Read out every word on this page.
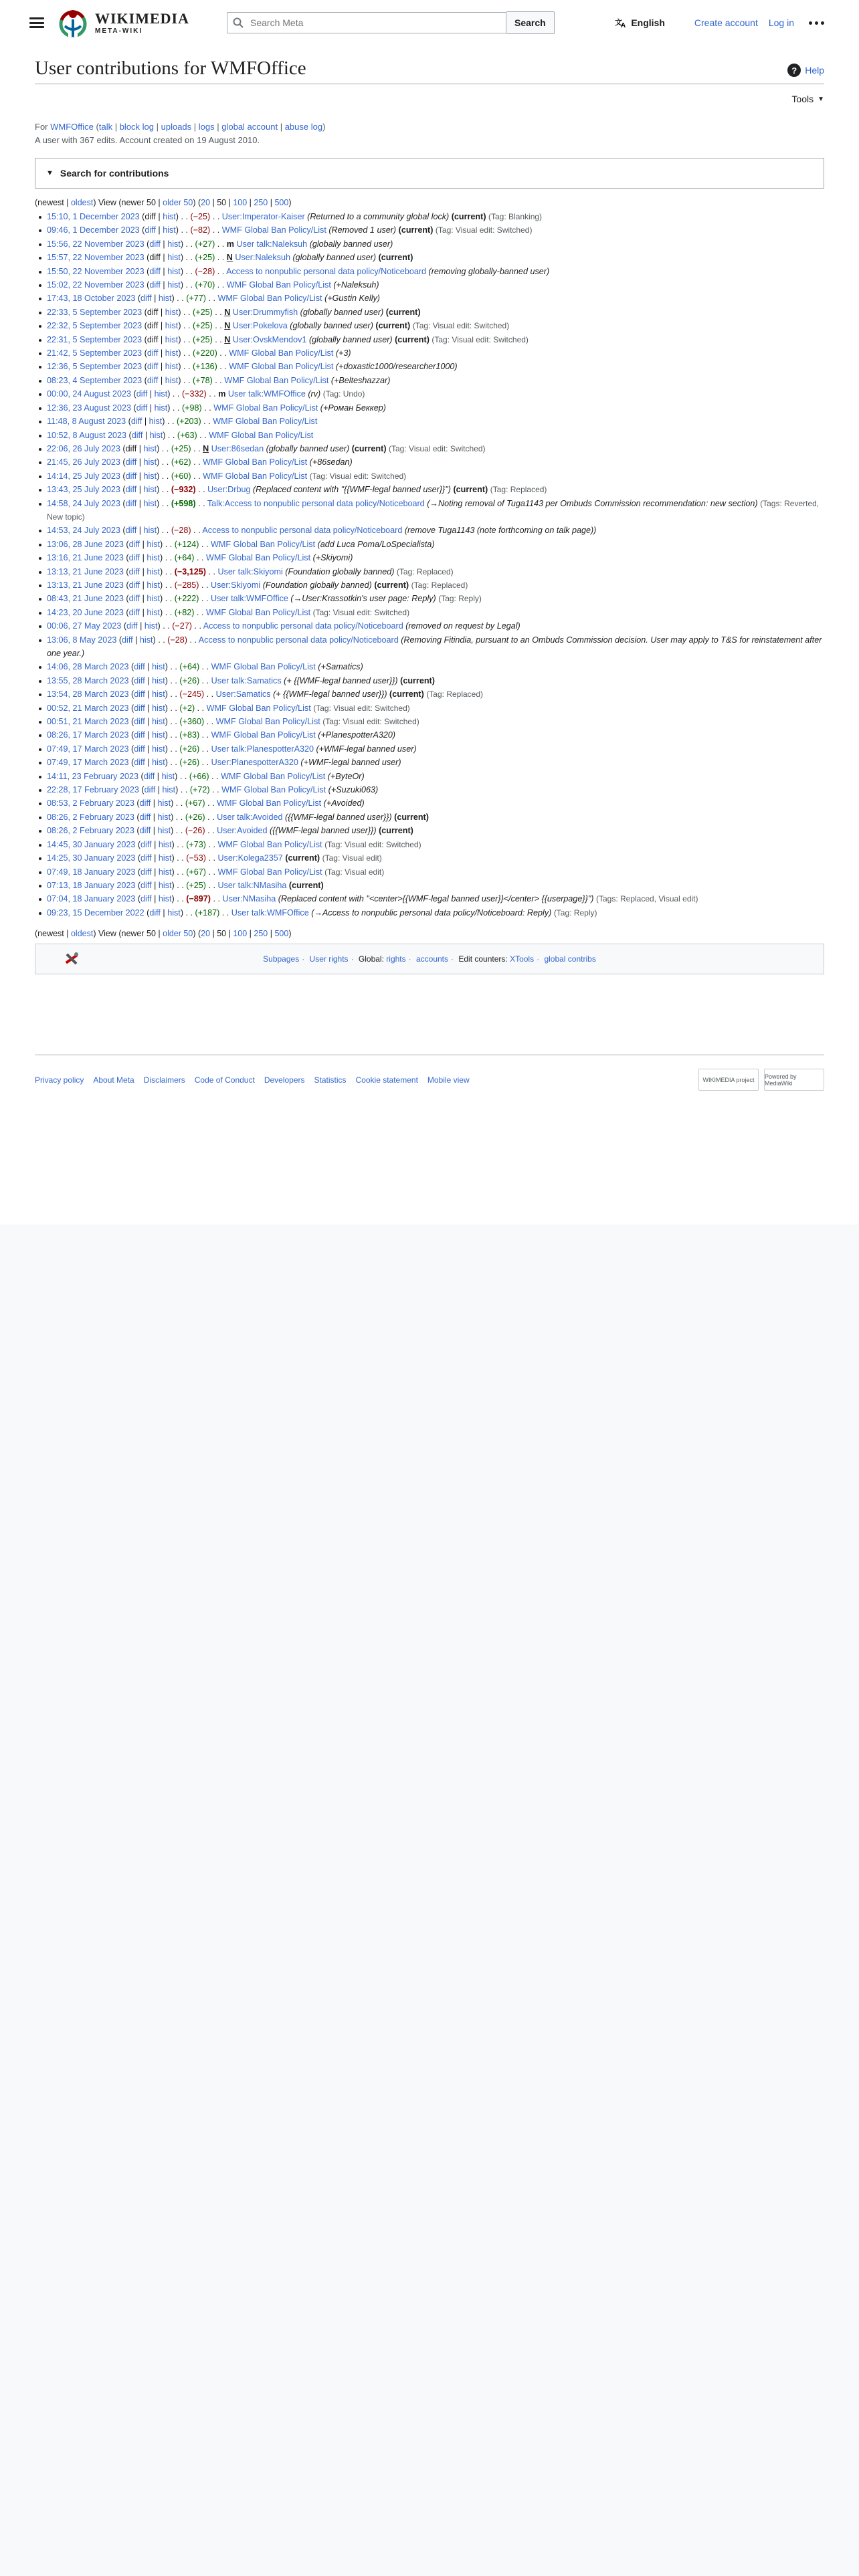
WIKIMEDIA
META-WIKI
Search Meta
Search	文
A English	Create account Log in
User contributions for WMFOffice	? Help
Tools ▼
For WMFOffice (talk | block log | uploads | logs | global account | abuse log)
A user with 367 edits. Account created on 19 August 2010.
▼ Search for contributions
(newest | oldest) View (newer 50 | older 50) (20 | 50 | 100 | 250 | 500)
15:10, 1 December 2023 (diff | hist) . . (−25) . . User:Imperator-Kaiser (Returned to a community global lock) (current) (Tag: Blanking)
09:46, 1 December 2023 (diff | hist) . . (−82) . . WMF Global Ban Policy/List (Removed 1 user) (current) (Tag: Visual edit: Switched)
15:56, 22 November 2023 (diff | hist) . . (+27) . . m User talk:Naleksuh (globally banned user)
15:57, 22 November 2023 (diff | hist) . . (+25) . . N User:Naleksuh (globally banned user) (current)
15:50, 22 November 2023 (diff | hist) . . (−28) . . Access to nonpublic personal data policy/Noticeboard (removing globally-banned user)
15:02, 22 November 2023 (diff | hist) . . (+70) . . WMF Global Ban Policy/List (+Naleksuh)
17:43, 18 October 2023 (diff | hist) . . (+77) . . WMF Global Ban Policy/List (+Gustin Kelly)
22:33, 5 September 2023 (diff | hist) . . (+25) . . N User:Drummyfish (globally banned user) (current)
22:32, 5 September 2023 (diff | hist) . . (+25) . . N User:Pokelova (globally banned user) (current) (Tag: Visual edit: Switched)
22:31, 5 September 2023 (diff | hist) . . (+25) . . N User:OvskMendov1 (globally banned user) (current) (Tag: Visual edit: Switched)
21:42, 5 September 2023 (diff | hist) . . (+220) . . WMF Global Ban Policy/List (+3)
12:36, 5 September 2023 (diff | hist) . . (+136) . . WMF Global Ban Policy/List (+doxastic1000/researcher1000)
08:23, 4 September 2023 (diff | hist) . . (+78) . . WMF Global Ban Policy/List (+Belteshazzar)
00:00, 24 August 2023 (diff | hist) . . (−332) . . m User talk:WMFOffice (rv) (Tag: Undo)
12:36, 23 August 2023 (diff | hist) . . (+98) . . WMF Global Ban Policy/List (+Роман Беккер)
11:48, 8 August 2023 (diff | hist) . . (+203) . . WMF Global Ban Policy/List
10:52, 8 August 2023 (diff | hist) . . (+63) . . WMF Global Ban Policy/List
22:06, 26 July 2023 (diff | hist) . . (+25) . . N User:86sedan (globally banned user) (current) (Tag: Visual edit: Switched)
21:45, 26 July 2023 (diff | hist) . . (+62) . . WMF Global Ban Policy/List (+86sedan)
14:14, 25 July 2023 (diff | hist) . . (+60) . . WMF Global Ban Policy/List (Tag: Visual edit: Switched)
13:43, 25 July 2023 (diff | hist) . . (−932) . . User:Drbug (Replaced content with "{{WMF-legal banned user}}") (current) (Tag: Replaced)
14:58, 24 July 2023 (diff | hist) . . (+598) . . Talk:Access to nonpublic personal data policy/Noticeboard (→Noting removal of Tuga1143 per Ombuds Commission recommendation: new section) (Tags: Reverted, New topic)
14:53, 24 July 2023 (diff | hist) . . (−28) . . Access to nonpublic personal data policy/Noticeboard (remove Tuga1143 (note forthcoming on talk page))
13:06, 28 June 2023 (diff | hist) . . (+124) . . WMF Global Ban Policy/List (add Luca Poma/LoSpecialista)
13:16, 21 June 2023 (diff | hist) . . (+64) . . WMF Global Ban Policy/List (+Skiyomi)
13:13, 21 June 2023 (diff | hist) . . (−3,125) . . User talk:Skiyomi (Foundation globally banned) (Tag: Replaced)
13:13, 21 June 2023 (diff | hist) . . (−285) . . User:Skiyomi (Foundation globally banned) (current) (Tag: Replaced)
08:43, 21 June 2023 (diff | hist) . . (+222) . . User talk:WMFOffice (→User:Krassotkin's user page: Reply) (Tag: Reply)
14:23, 20 June 2023 (diff | hist) . . (+82) . . WMF Global Ban Policy/List (Tag: Visual edit: Switched)
00:06, 27 May 2023 (diff | hist) . . (−27) . . Access to nonpublic personal data policy/Noticeboard (removed on request by Legal)
13:06, 8 May 2023 (diff | hist) . . (−28) . . Access to nonpublic personal data policy/Noticeboard (Removing Fitindia, pursuant to an Ombuds Commission decision. User may apply to T&S for reinstatement after one year.)
14:06, 28 March 2023 (diff | hist) . . (+64) . . WMF Global Ban Policy/List (+Samatics)
13:55, 28 March 2023 (diff | hist) . . (+26) . . User talk:Samatics (+ {{WMF-legal banned user}}) (current)
13:54, 28 March 2023 (diff | hist) . . (−245) . . User:Samatics (+ {{WMF-legal banned user}}) (current) (Tag: Replaced)
00:52, 21 March 2023 (diff | hist) . . (+2) . . WMF Global Ban Policy/List (Tag: Visual edit: Switched)
00:51, 21 March 2023 (diff | hist) . . (+360) . . WMF Global Ban Policy/List (Tag: Visual edit: Switched)
08:26, 17 March 2023 (diff | hist) . . (+83) . . WMF Global Ban Policy/List (+PlanespotterA320)
07:49, 17 March 2023 (diff | hist) . . (+26) . . User talk:PlanespotterA320 (+WMF-legal banned user)
07:49, 17 March 2023 (diff | hist) . . (+26) . . User:PlanespotterA320 (+WMF-legal banned user)
14:11, 23 February 2023 (diff | hist) . . (+66) . . WMF Global Ban Policy/List (+ByteOr)
22:28, 17 February 2023 (diff | hist) . . (+72) . . WMF Global Ban Policy/List (+Suzuki063)
08:53, 2 February 2023 (diff | hist) . . (+67) . . WMF Global Ban Policy/List (+Avoided)
08:26, 2 February 2023 (diff | hist) . . (+26) . . User talk:Avoided ({{WMF-legal banned user}}) (current)
08:26, 2 February 2023 (diff | hist) . . (−26) . . User:Avoided ({{WMF-legal banned user}}) (current)
14:45, 30 January 2023 (diff | hist) . . (+73) . . WMF Global Ban Policy/List (Tag: Visual edit: Switched)
14:25, 30 January 2023 (diff | hist) . . (−53) . . User:Kolega2357 (current) (Tag: Visual edit)
07:49, 18 January 2023 (diff | hist) . . (+67) . . WMF Global Ban Policy/List (Tag: Visual edit)
07:13, 18 January 2023 (diff | hist) . . (+25) . . User talk:NMasiha (current)
07:04, 18 January 2023 (diff | hist) . . (−897) . . User:NMasiha (Replaced content with "<center>{{WMF-legal banned user}}</center> {{userpage}}") (Tags: Replaced, Visual edit)
09:23, 15 December 2022 (diff | hist) . . (+187) . . User talk:WMFOffice (→Access to nonpublic personal data policy/Noticeboard: Reply) (Tag: Reply)
(newest | oldest) View (newer 50 | older 50) (20 | 50 | 100 | 250 | 500)
Subpages · User rights · Global: rights · accounts · Edit counters: XTools · global contribs
Privacy policy About Meta Disclaimers Code of Conduct Developers Statistics Cookie statement Mobile view	WIKIMEDIA project	Powered by MediaWiki
